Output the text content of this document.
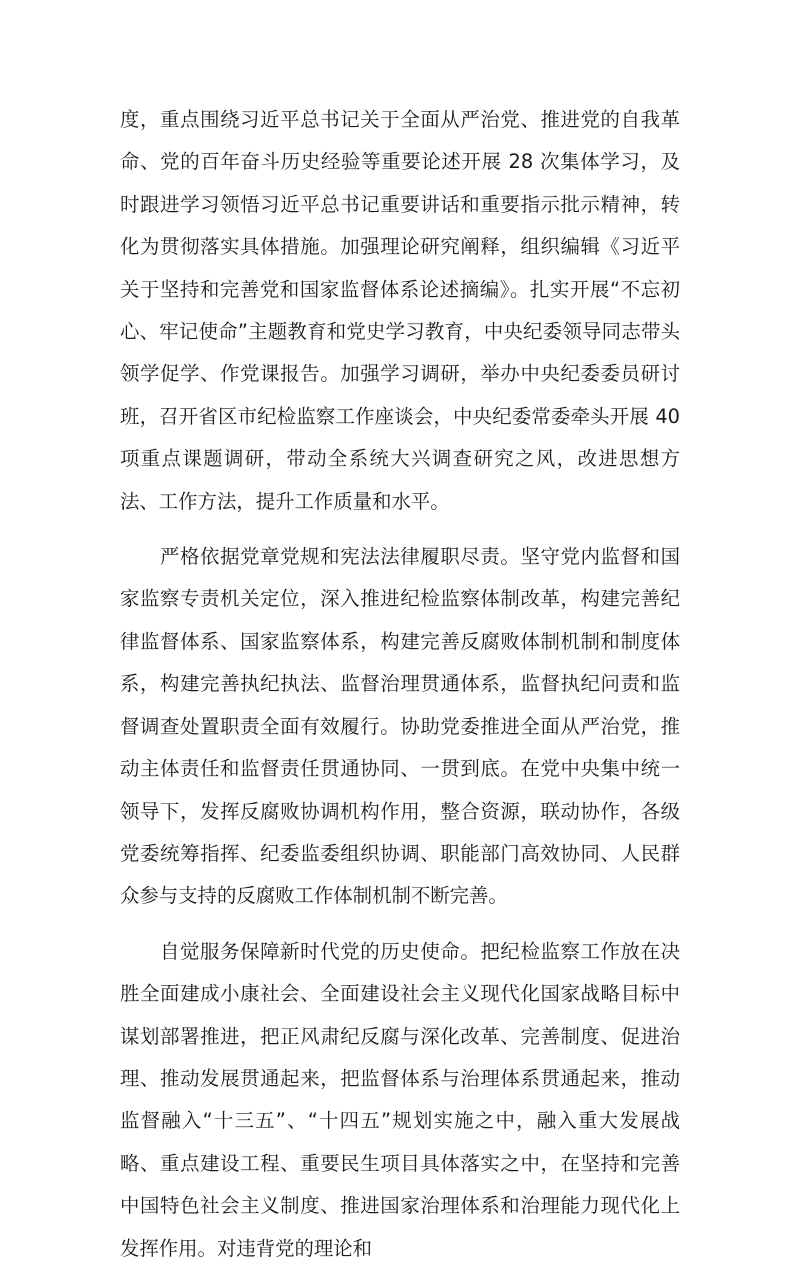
度，重点围绕习近平总书记关于全面从严治党、推进党的自我革命、党的百年奋斗历史经验等重要论述开展 28 次集体学习，及时跟进学习领悟习近平总书记重要讲话和重要指示批示精神，转化为贯彻落实具体措施。加强理论研究阐释，组织编辑《习近平关于坚持和完善党和国家监督体系论述摘编》。扎实开展“不忘初心、牢记使命”主题教育和党史学习教育，中央纪委领导同志带头领学促学、作党课报告。加强学习调研，举办中央纪委委员研讨班，召开省区市纪检监察工作座谈会，中央纪委常委牵头开展 40 项重点课题调研，带动全系统大兴调查研究之风，改进思想方法、工作方法，提升工作质量和水平。

严格依据党章党规和宪法法律履职尽责。坚守党内监督和国家监察专责机关定位，深入推进纪检监察体制改革，构建完善纪律监督体系、国家监察体系，构建完善反腐败体制机制和制度体系，构建完善执纪执法、监督治理贯通体系，监督执纪问责和监督调查处置职责全面有效履行。协助党委推进全面从严治党，推动主体责任和监督责任贯通协同、一贯到底。在党中央集中统一领导下，发挥反腐败协调机构作用，整合资源，联动协作，各级党委统筹指挥、纪委监委组织协调、职能部门高效协同、人民群众参与支持的反腐败工作体制机制不断完善。

自觉服务保障新时代党的历史使命。把纪检监察工作放在决胜全面建成小康社会、全面建设社会主义现代化国家战略目标中谋划部署推进，把正风肃纪反腐与深化改革、完善制度、促进治理、推动发展贯通起来，把监督体系与治理体系贯通起来，推动监督融入“十三五”、“十四五”规划实施之中，融入重大发展战略、重点建设工程、重要民生项目具体落实之中，在坚持和完善中国特色社会主义制度、推进国家治理体系和治理能力现代化上发挥作用。对违背党的理论和
